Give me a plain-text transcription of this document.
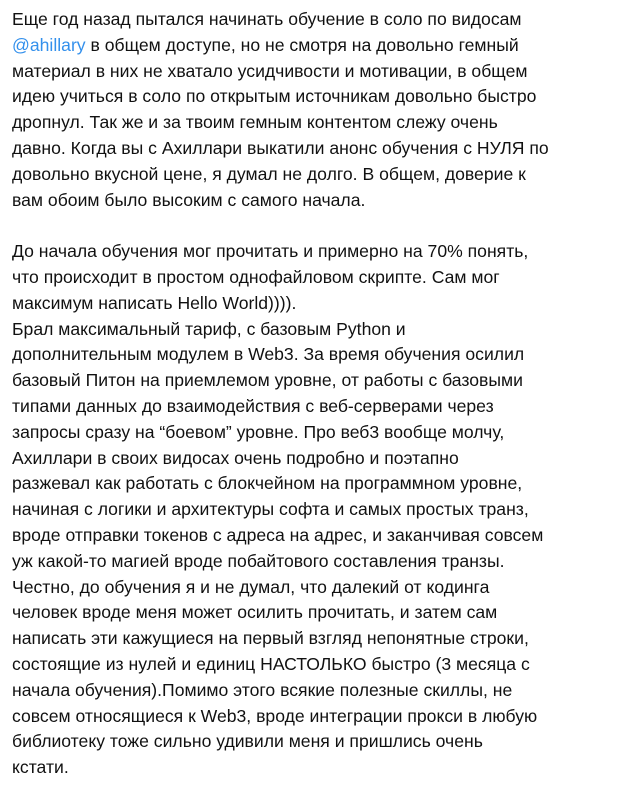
Еще год назад пытался начинать обучение в соло по видосам
@ahillary в общем доступе, но не смотря на довольно гемный
материал в них не хватало усидчивости и мотивации, в общем
идею учиться в соло по открытым источникам довольно быстро
дропнул. Так же и за твоим гемным контентом слежу очень
давно. Когда вы с Ахиллари выкатили анонс обучения с НУЛЯ по
довольно вкусной цене, я думал не долго. В общем, доверие к
вам обоим было высоким с самого начала.
До начала обучения мог прочитать и примерно на 70% понять,
что происходит в простом однофайловом скрипте. Сам мог
максимум написать Hello World)))).
Брал максимальный тариф, с базовым Python и
дополнительным модулем в Web3. За время обучения осилил
базовый Питон на приемлемом уровне, от работы с базовыми
типами данных до взаимодействия с веб-серверами через
запросы сразу на “боевом” уровне. Про веб3 вообще молчу,
Ахиллари в своих видосах очень подробно и поэтапно
разжевал как работать с блокчейном на программном уровне,
начиная с логики и архитектуры софта и самых простых транз,
вроде отправки токенов с адреса на адрес, и заканчивая совсем
уж какой-то магией вроде побайтового составления транзы.
Честно, до обучения я и не думал, что далекий от кодинга
человек вроде меня может осилить прочитать, и затем сам
написать эти кажущиеся на первый взгляд непонятные строки,
состоящие из нулей и единиц НАСТОЛЬКО быстро (3 месяца с
начала обучения).Помимо этого всякие полезные скиллы, не
совсем относящиеся к Web3, вроде интеграции прокси в любую
библиотеку тоже сильно удивили меня и пришлись очень
кстати.
